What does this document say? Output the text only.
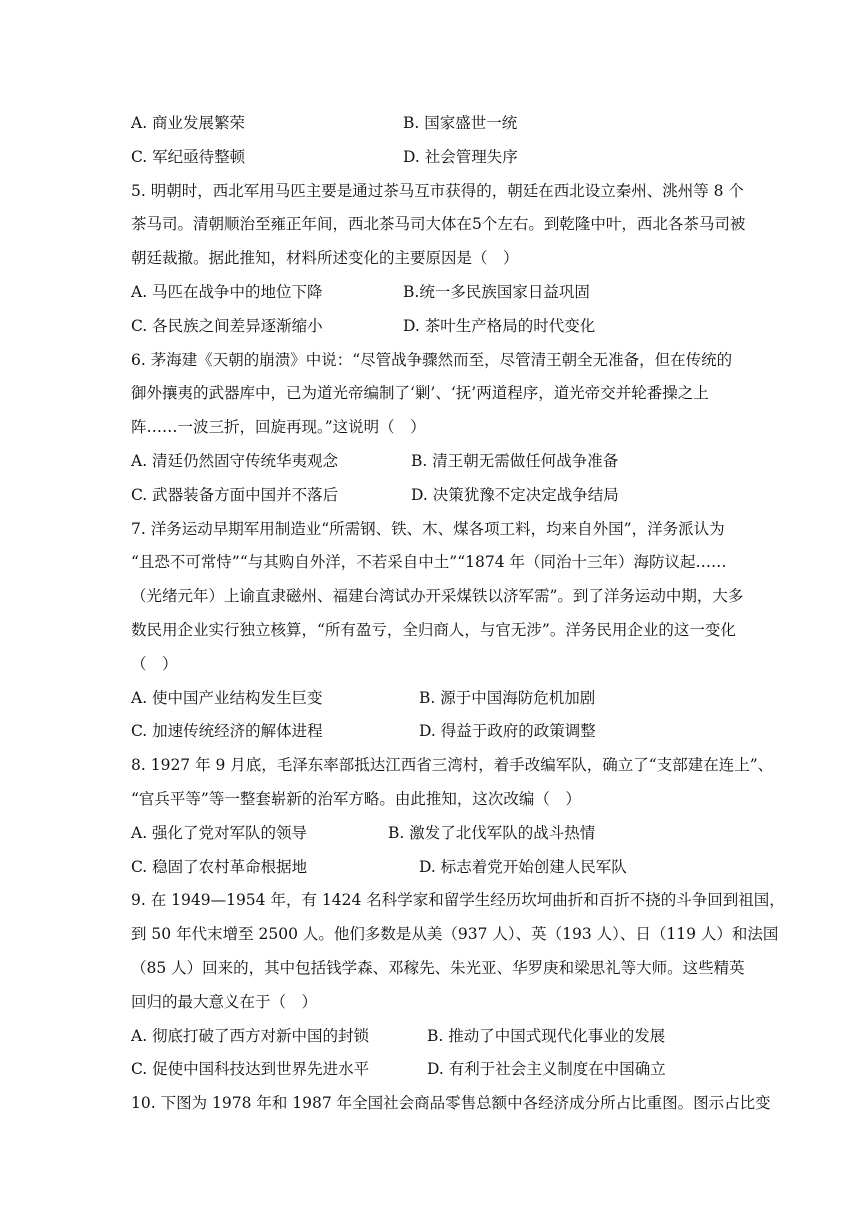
A. 商业发展繁荣	B. 国家盛世一统
C. 军纪亟待整顿	D. 社会管理失序
5. 明朝时，西北军用马匹主要是通过茶马互市获得的，朝廷在西北设立秦州、洮州等 8 个
茶马司。清朝顺治至雍正年间，西北茶马司大体在5个左右。到乾隆中叶，西北各茶马司被
朝廷裁撤。据此推知，材料所述变化的主要原因是（　）
A. 马匹在战争中的地位下降	B.统一多民族国家日益巩固
C. 各民族之间差异逐渐缩小	D. 茶叶生产格局的时代变化
6. 茅海建《天朝的崩溃》中说：“尽管战争骤然而至，尽管清王朝全无准备，但在传统的
御外攘夷的武器库中，已为道光帝编制了‘剿’、‘抚’两道程序，道光帝交并轮番操之上
阵……一波三折，回旋再现。”这说明（　）
A. 清廷仍然固守传统华夷观念	B. 清王朝无需做任何战争准备
C. 武器装备方面中国并不落后	D. 决策犹豫不定决定战争结局
7. 洋务运动早期军用制造业“所需钢、铁、木、煤各项工料，均来自外国”，洋务派认为
“且恐不可常恃”“与其购自外洋，不若采自中土”“1874 年（同治十三年）海防议起……
（光绪元年）上谕直隶磁州、福建台湾试办开采煤铁以济军需”。到了洋务运动中期，大多
数民用企业实行独立核算，“所有盈亏，全归商人，与官无涉”。洋务民用企业的这一变化
（　）
A. 使中国产业结构发生巨变	B. 源于中国海防危机加剧
C. 加速传统经济的解体进程	D. 得益于政府的政策调整
8. 1927 年 9 月底，毛泽东率部抵达江西省三湾村，着手改编军队，确立了“支部建在连上”、
“官兵平等”等一整套崭新的治军方略。由此推知，这次改编（　）
A. 强化了党对军队的领导	B. 激发了北伐军队的战斗热情
C. 稳固了农村革命根据地	D. 标志着党开始创建人民军队
9. 在 1949—1954 年，有 1424 名科学家和留学生经历坎坷曲折和百折不挠的斗争回到祖国，
到 50 年代末增至 2500 人。他们多数是从美（937 人）、英（193 人）、日（119 人）和法国
（85 人）回来的，其中包括钱学森、邓稼先、朱光亚、华罗庚和梁思礼等大师。这些精英
回归的最大意义在于（　）
A. 彻底打破了西方对新中国的封锁	B. 推动了中国式现代化事业的发展
C. 促使中国科技达到世界先进水平	D. 有利于社会主义制度在中国确立
10. 下图为 1978 年和 1987 年全国社会商品零售总额中各经济成分所占比重图。图示占比变
